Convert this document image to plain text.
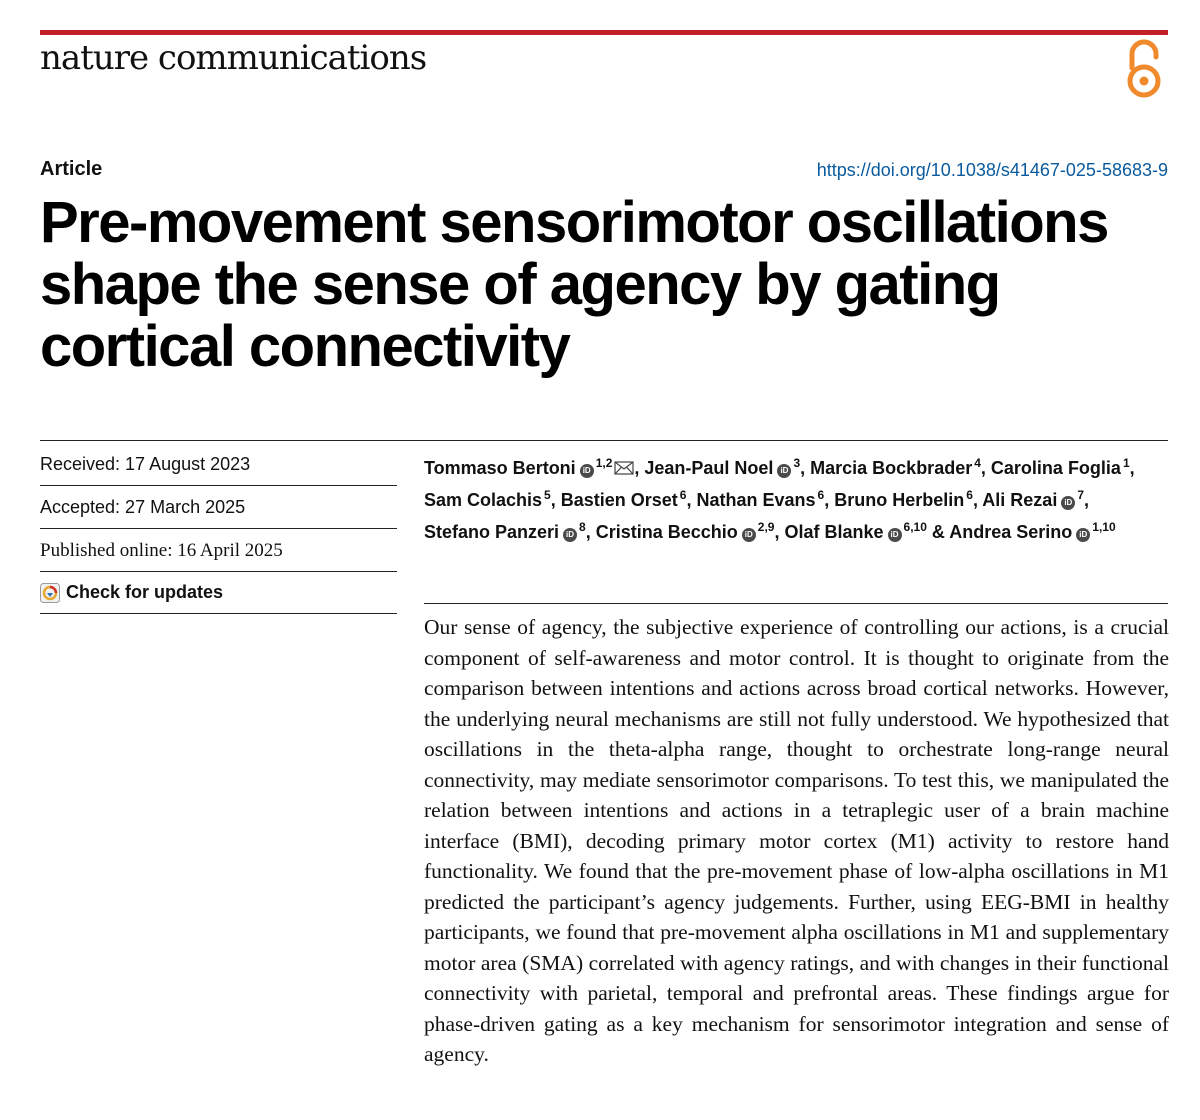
nature communications
Article	https://doi.org/10.1038/s41467-025-58683-9
Pre-movement sensorimotor oscillations shape the sense of agency by gating cortical connectivity
Received: 17 August 2023
Accepted: 27 March 2025
Published online: 16 April 2025
Check for updates
Tommaso Bertoni iD$^{1,2}$ , Jean-Paul Noel $iD^3$, Marcia Bockbrader $^4$, Carolina Foglia $^1$, Sam Colachis $^5$, Bastien Orset $^6$, Nathan Evans $^6$, Bruno Herbelin $^6$, Ali Rezai $iD^7$, Stefano Panzeri $iD^8$, Cristina Becchio iD$^{2,9}$, Olaf Blanke iD$^{6,10}$ & Andrea Serino iD$^{1,10}$

Our sense of agency, the subjective experience of controlling our actions, is a crucial component of self-awareness and motor control. It is thought to originate from the comparison between intentions and actions across broad cortical networks. However, the underlying neural mechanisms are still not fully understood. We hypothesized that oscillations in the theta-alpha range, thought to orchestrate long-range neural connectivity, may mediate sensorimotor comparisons. To test this, we manipulated the relation between intentions and actions in a tetraplegic user of a brain machine interface (BMI), decoding primary motor cortex (M1) activity to restore hand functionality. We found that the pre-movement phase of low-alpha oscillations in M1 predicted the participant’s agency judgements. Further, using EEG-BMI in healthy participants, we found that pre-movement alpha oscillations in M1 and supplementary motor area (SMA) correlated with agency ratings, and with changes in their functional connectivity with parietal, temporal and prefrontal areas. These findings argue for phase-driven gating as a key mechanism for sensorimotor integration and sense of agency.
